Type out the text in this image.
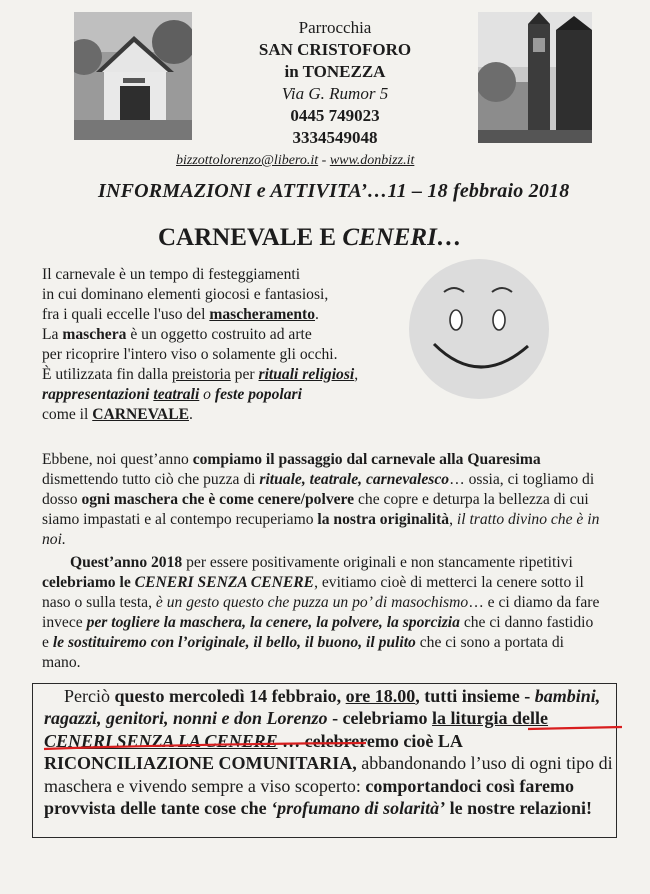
Parrocchia
SAN CRISTOFORO
in TONEZZA
Via G. Rumor 5
0445 749023
3334549048
bizzottolorenzo@libero.it - www.donbizz.it
INFORMAZIONI e ATTIVITA’…11 – 18 febbraio 2018
CARNEVALE E CENERI…
Il carnevale è un tempo di festeggiamenti
in cui dominano elementi giocosi e fantasiosi,
fra i quali eccelle l'uso del mascheramento.
La maschera è un oggetto costruito ad arte
per ricoprire l'intero viso o solamente gli occhi.
È utilizzata fin dalla preistoria per rituali religiosi,
rappresentazioni teatrali o feste popolari
come il CARNEVALE.
Ebbene, noi quest’anno compiamo il passaggio dal carnevale alla Quaresima dismettendo tutto ciò che puzza di rituale, teatrale, carnevalesco… ossia, ci togliamo di dosso ogni maschera che è come cenere/polvere che copre e deturpa la bellezza di cui siamo impastati e al contempo recuperiamo la nostra originalità, il tratto divino che è in noi.
Quest’anno 2018 per essere positivamente originali e non stancamente ripetitivi celebriamo le CENERI SENZA CENERE, evitiamo cioè di metterci la cenere sotto il naso o sulla testa, è un gesto questo che puzza un po’ di masochismo… e ci diamo da fare invece per togliere la maschera, la cenere, la polvere, la sporcizia che ci danno fastidio e le sostituiremo con l’originale, il bello, il buono, il pulito che ci sono a portata di mano.
Perciò questo mercoledì 14 febbraio, ore 18.00, tutti insieme - bambini, ragazzi, genitori, nonni e don Lorenzo - celebriamo la liturgia delle CENERI SENZA LA CENERE … celebreremo cioè LA RICONCILIAZIONE COMUNITARIA, abbandonando l’uso di ogni tipo di maschera e vivendo sempre a viso scoperto: comportandoci così faremo provvista delle tante cose che ‘profumano di solarità’ le nostre relazioni!
